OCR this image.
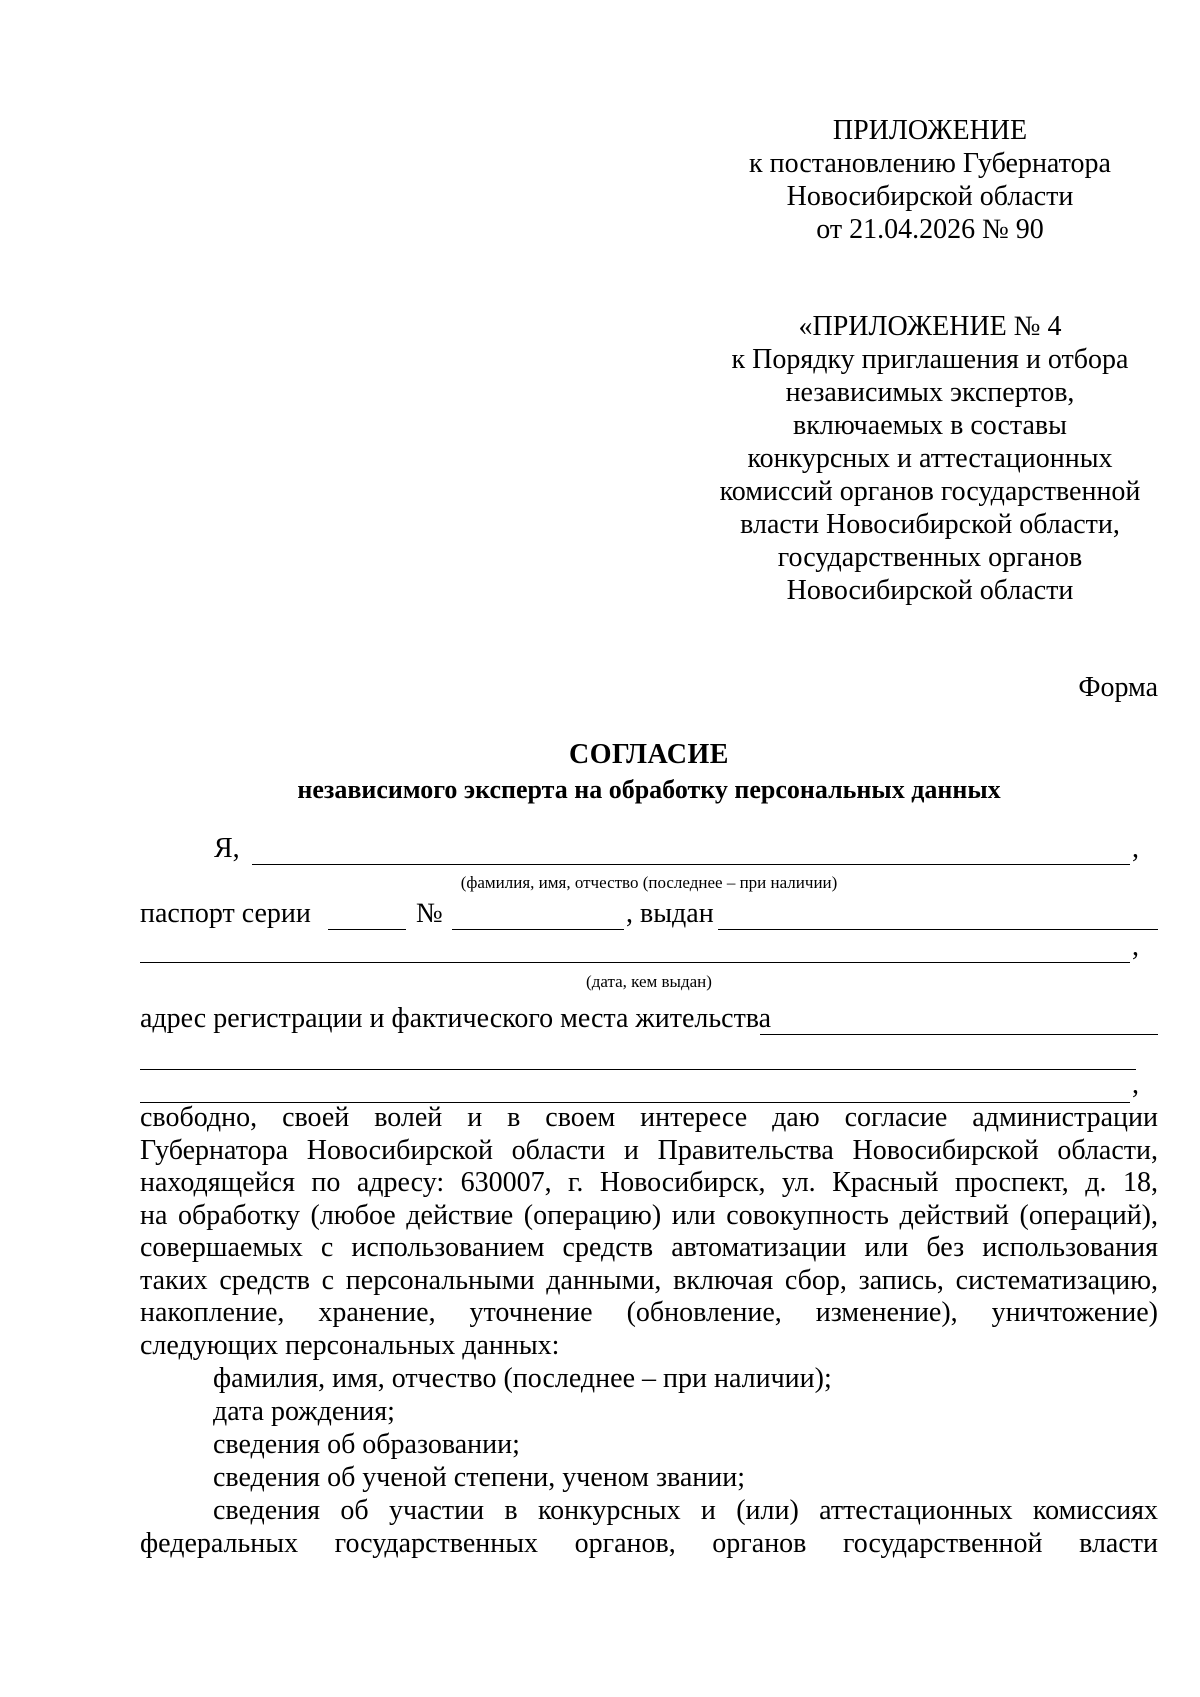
ПРИЛОЖЕНИЕ
к постановлению Губернатора
Новосибирской области
от 21.04.2026 № 90
«ПРИЛОЖЕНИЕ № 4
к Порядку приглашения и отбора
независимых экспертов,
включаемых в составы
конкурсных и аттестационных
комиссий органов государственной
власти Новосибирской области,
государственных органов
Новосибирской области
Форма
СОГЛАСИЕ
независимого эксперта на обработку персональных данных
Я,	,
(фамилия, имя, отчество (последнее – при наличии)
паспорт серии	№	, выдан
,
(дата, кем выдан)
адрес регистрации и фактического места жительства
,
свободно, своей волей и в своем интересе даю согласие администрации
Губернатора Новосибирской области и Правительства Новосибирской области,
находящейся по адресу: 630007, г. Новосибирск, ул. Красный проспект, д. 18,
на обработку (любое действие (операцию) или совокупность действий (операций),
совершаемых с использованием средств автоматизации или без использования
таких средств с персональными данными, включая сбор, запись, систематизацию,
накопление, хранение, уточнение (обновление, изменение), уничтожение)
следующих персональных данных:
фамилия, имя, отчество (последнее – при наличии);
дата рождения;
сведения об образовании;
сведения об ученой степени, ученом звании;
сведения об участии в конкурсных и (или) аттестационных комиссиях
федеральных государственных органов, органов государственной власти
